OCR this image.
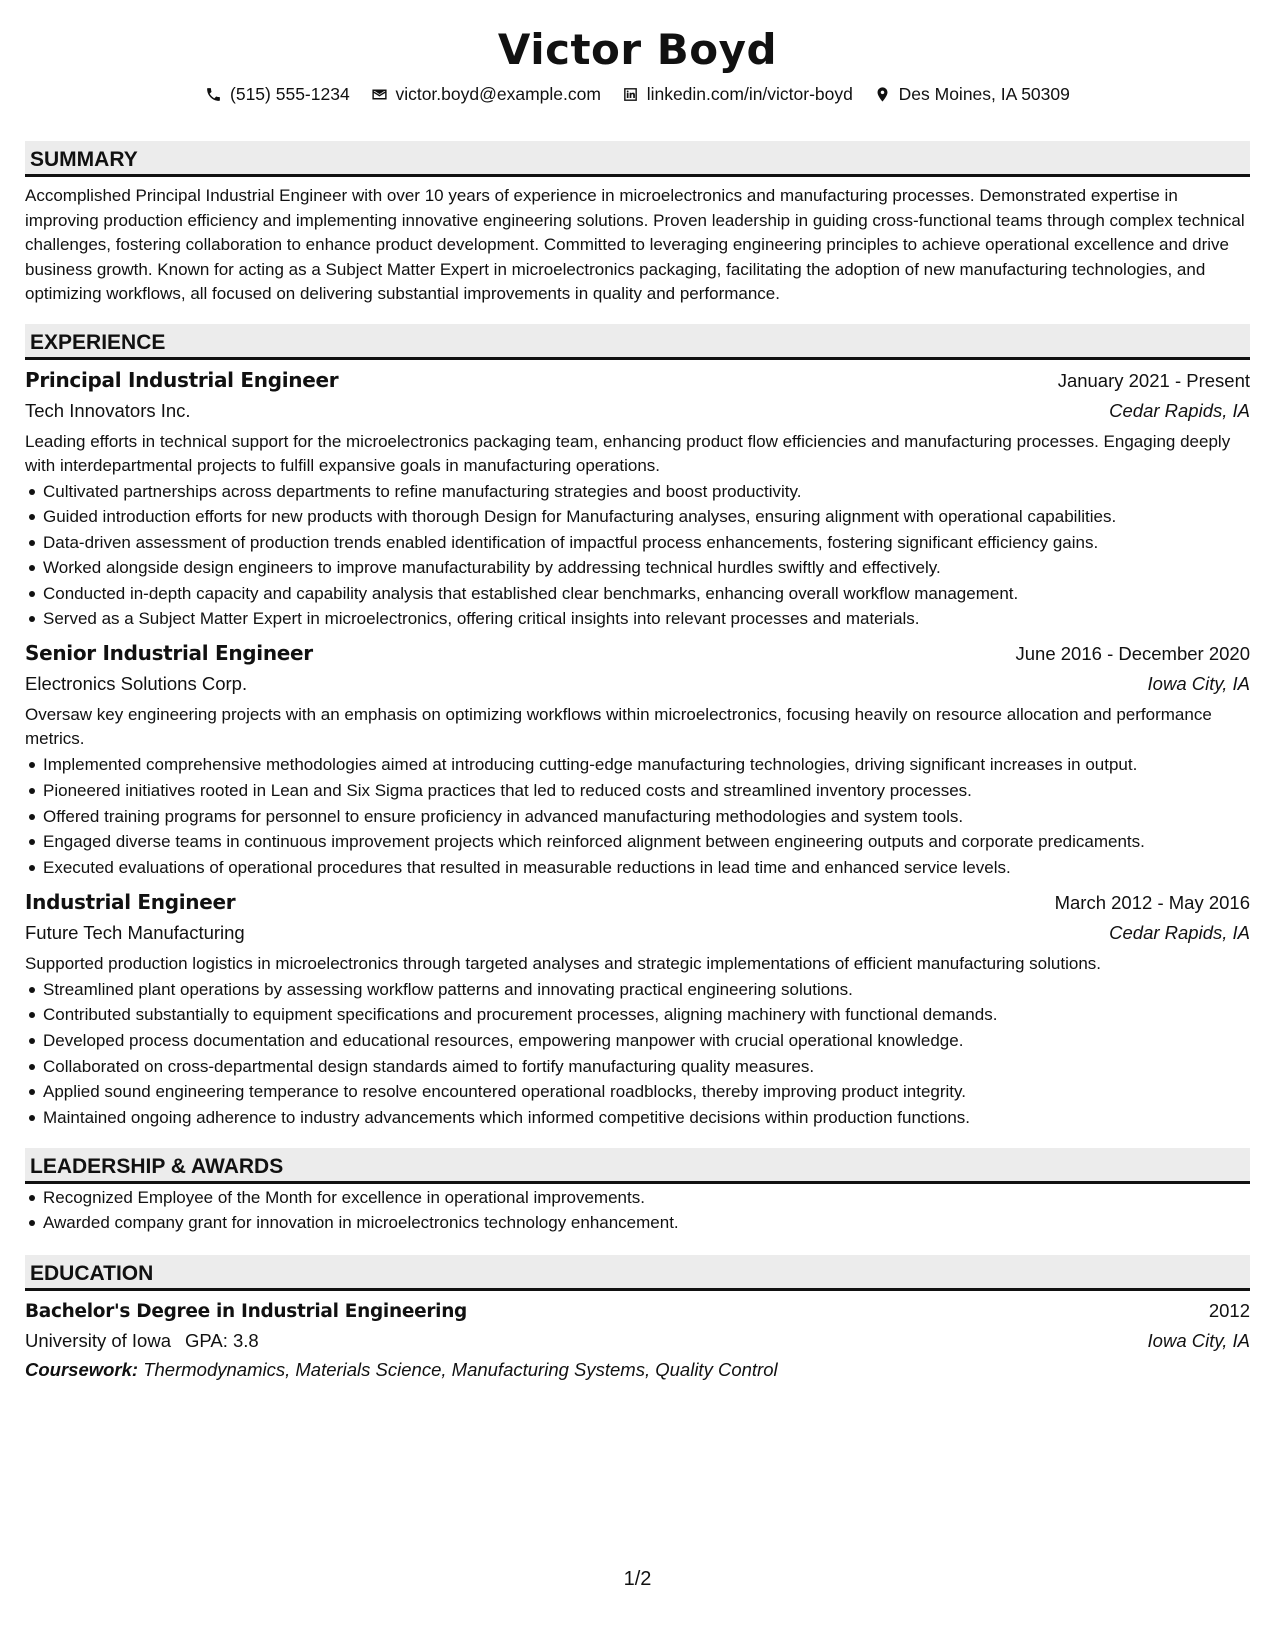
Victor Boyd
(515) 555-1234	victor.boyd@example.com	linkedin.com/in/victor-boyd	Des Moines, IA 50309
SUMMARY
Accomplished Principal Industrial Engineer with over 10 years of experience in microelectronics and manufacturing processes. Demonstrated expertise in improving production efficiency and implementing innovative engineering solutions. Proven leadership in guiding cross-functional teams through complex technical challenges, fostering collaboration to enhance product development. Committed to leveraging engineering principles to achieve operational excellence and drive business growth. Known for acting as a Subject Matter Expert in microelectronics packaging, facilitating the adoption of new manufacturing technologies, and optimizing workflows, all focused on delivering substantial improvements in quality and performance.
EXPERIENCE
Principal Industrial Engineer	January 2021 - Present
Tech Innovators Inc.	Cedar Rapids, IA
Leading efforts in technical support for the microelectronics packaging team, enhancing product flow efficiencies and manufacturing processes. Engaging deeply with interdepartmental projects to fulfill expansive goals in manufacturing operations.
Cultivated partnerships across departments to refine manufacturing strategies and boost productivity.
Guided introduction efforts for new products with thorough Design for Manufacturing analyses, ensuring alignment with operational capabilities.
Data-driven assessment of production trends enabled identification of impactful process enhancements, fostering significant efficiency gains.
Worked alongside design engineers to improve manufacturability by addressing technical hurdles swiftly and effectively.
Conducted in-depth capacity and capability analysis that established clear benchmarks, enhancing overall workflow management.
Served as a Subject Matter Expert in microelectronics, offering critical insights into relevant processes and materials.
Senior Industrial Engineer	June 2016 - December 2020
Electronics Solutions Corp.	Iowa City, IA
Oversaw key engineering projects with an emphasis on optimizing workflows within microelectronics, focusing heavily on resource allocation and performance metrics.
Implemented comprehensive methodologies aimed at introducing cutting-edge manufacturing technologies, driving significant increases in output.
Pioneered initiatives rooted in Lean and Six Sigma practices that led to reduced costs and streamlined inventory processes.
Offered training programs for personnel to ensure proficiency in advanced manufacturing methodologies and system tools.
Engaged diverse teams in continuous improvement projects which reinforced alignment between engineering outputs and corporate predicaments.
Executed evaluations of operational procedures that resulted in measurable reductions in lead time and enhanced service levels.
Industrial Engineer	March 2012 - May 2016
Future Tech Manufacturing	Cedar Rapids, IA
Supported production logistics in microelectronics through targeted analyses and strategic implementations of efficient manufacturing solutions.
Streamlined plant operations by assessing workflow patterns and innovating practical engineering solutions.
Contributed substantially to equipment specifications and procurement processes, aligning machinery with functional demands.
Developed process documentation and educational resources, empowering manpower with crucial operational knowledge.
Collaborated on cross-departmental design standards aimed to fortify manufacturing quality measures.
Applied sound engineering temperance to resolve encountered operational roadblocks, thereby improving product integrity.
Maintained ongoing adherence to industry advancements which informed competitive decisions within production functions.
LEADERSHIP & AWARDS
Recognized Employee of the Month for excellence in operational improvements.
Awarded company grant for innovation in microelectronics technology enhancement.
EDUCATION
Bachelor's Degree in Industrial Engineering	2012
University of Iowa GPA: 3.8	Iowa City, IA
Coursework: Thermodynamics, Materials Science, Manufacturing Systems, Quality Control
1/2
